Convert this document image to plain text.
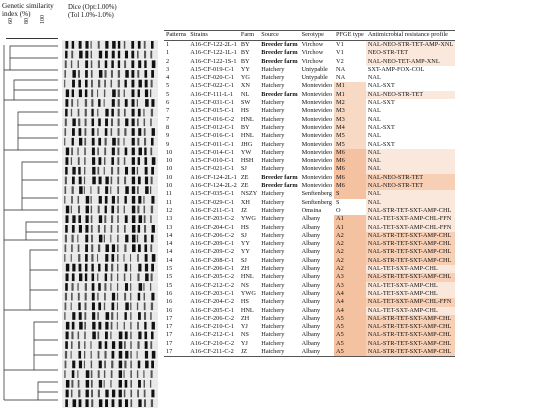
Genetic similarity
index (%)
60 80 100
Dice (Opt:1.00%)
(Tol 1.0%-1.0%)
Patterns	Strains	Farm	Source	Serotype	PFGE type	Antimicrobial resistance profile
1	A16-CF-122-2L-1	BY	Breeder farm	Virchow	V1	NAL-NEO-STR-TET-AMP-XNL
1	A16-CF-122-1L-1	BY	Breeder farm	Virchow	V1	NEO-STR-TET
2	A16-CF-122-1S-1	BY	Breeder farm	Virchow	V2	NAL-NEO-TET-AMP-XNL
3	A15-CF-019-C-1	YY	Hatchery	Untypable	NA	SXT-AMP-FOX-COL
4	A15-CF-020-C-1	YG	Hatchery	Untypable	NA	NAL
5	A15-CF-022-C-1	XN	Hatchery	Montevideo	M1	NAL-SXT
5	A16-CF-111-L-1	NL	Breeder farm	Montevideo	M1	NAL-NEO-STR-TET
6	A15-CF-031-C-1	SW	Hatchery	Montevideo	M2	NAL-SXT
7	A15-CF-015-C-1	HS	Hatchery	Montevideo	M3	NAL
7	A15-CF-016-C-2	HNL	Hatchery	Montevideo	M3	NAL
8	A15-CF-012-C-1	BY	Hatchery	Montevideo	M4	NAL-SXT
9	A15-CF-016-C-1	HNL	Hatchery	Montevideo	M5	NAL
9	A15-CF-011-C-1	JHG	Hatchery	Montevideo	M5	NAL-SXT
10	A15-CF-014-C-1	YW	Hatchery	Montevideo	M6	NAL
10	A15-CF-010-C-1	HSH	Hatchery	Montevideo	M6	NAL
10	A15-CF-021-C-1	SJ	Hatchery	Montevideo	M6	NAL
10	A16-CF-124-2L-1	ZE	Breeder farm	Montevideo	M6	NAL-NEO-STR-TET
10	A16-CF-124-2L-2	ZE	Breeder farm	Montevideo	M6	NAL-NEO-STR-TET
11	A15-CF-035-C-1	NSZY	Hatchery	Senftenberg	S	NAL
11	A15-CF-029-C-1	XH	Hatchery	Senftenberg	S	NAL
12	A16-CF-211-C-1	JZ	Hatchery	Omsina	O	NAL-STR-TET-SXT-AMP-CHL
13	A16-CF-203-C-2	YWG	Hatchery	Albany	A1	NAL-TET-SXT-AMP-CHL-FFN
13	A16-CF-204-C-1	HS	Hatchery	Albany	A1	NAL-TET-SXT-AMP-CHL-FFN
14	A16-CF-206-C-2	SJ	Hatchery	Albany	A2	NAL-STR-TET-SXT-AMP-CHL
14	A16-CF-209-C-1	YY	Hatchery	Albany	A2	NAL-STR-TET-SXT-AMP-CHL
14	A16-CF-209-C-2	YY	Hatchery	Albany	A2	NAL-STR-TET-SXT-AMP-CHL
14	A16-CF-208-C-1	SJ	Hatchery	Albany	A2	NAL-STR-TET-SXT-AMP-CHL
15	A16-CF-206-C-1	ZH	Hatchery	Albany	A2	NAL-TET-SXT-AMP-CHL
15	A16-CF-205-C-2	HNL	Hatchery	Albany	A3	NAL-STR-TET-SXT-AMP-CHL
15	A16-CF-212-C-2	NS	Hatchery	Albany	A3	NAL-TET-SXT-AMP-CHL
16	A16-CF-203-C-1	YWG	Hatchery	Albany	A4	NAL-TET-SXT-AMP-CHL
16	A16-CF-204-C-2	HS	Hatchery	Albany	A4	NAL-TET-SXT-AMP-CHL-FFN
16	A16-CF-205-C-1	HNL	Hatchery	Albany	A4	NAL-TET-SXT-AMP-CHL
17	A16-CF-206-C-2	ZH	Hatchery	Albany	A5	NAL-STR-TET-SXT-AMP-CHL
17	A16-CF-210-C-1	YJ	Hatchery	Albany	A5	NAL-STR-TET-SXT-AMP-CHL
17	A16-CF-212-C-1	NS	Hatchery	Albany	A5	NAL-STR-TET-SXT-AMP-CHL
17	A16-CF-210-C-2	YJ	Hatchery	Albany	A5	NAL-STR-TET-SXT-AMP-CHL
17	A16-CF-211-C-2	JZ	Hatchery	Albany	A5	NAL-STR-TET-SXT-AMP-CHL
